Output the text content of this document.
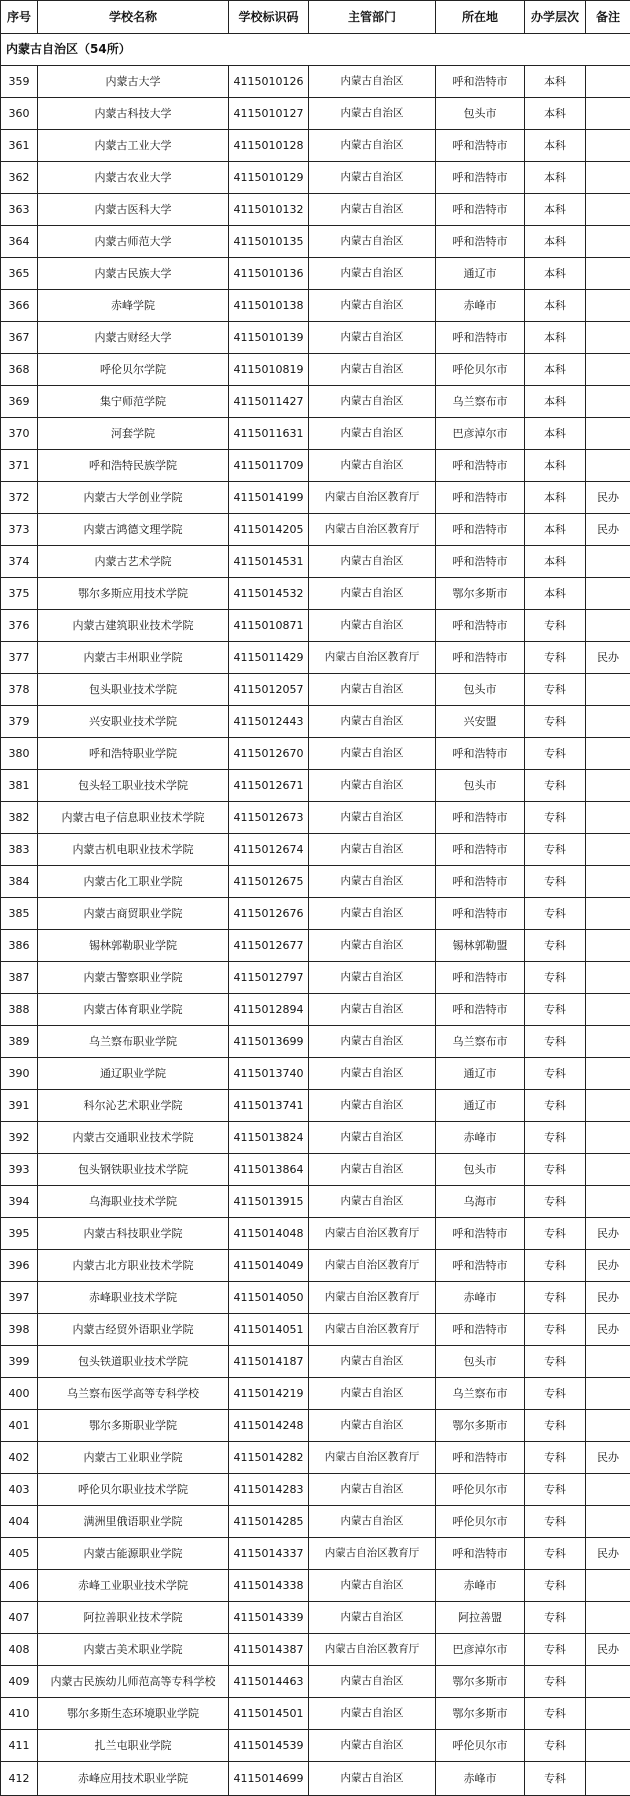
序号	学校名称	学校标识码	主管部门	所在地	办学层次	备注
内蒙古自治区（54所）						
359	内蒙古大学	4115010126	内蒙古自治区	呼和浩特市	本科	
360	内蒙古科技大学	4115010127	内蒙古自治区	包头市	本科	
361	内蒙古工业大学	4115010128	内蒙古自治区	呼和浩特市	本科	
362	内蒙古农业大学	4115010129	内蒙古自治区	呼和浩特市	本科	
363	内蒙古医科大学	4115010132	内蒙古自治区	呼和浩特市	本科	
364	内蒙古师范大学	4115010135	内蒙古自治区	呼和浩特市	本科	
365	内蒙古民族大学	4115010136	内蒙古自治区	通辽市	本科	
366	赤峰学院	4115010138	内蒙古自治区	赤峰市	本科	
367	内蒙古财经大学	4115010139	内蒙古自治区	呼和浩特市	本科	
368	呼伦贝尔学院	4115010819	内蒙古自治区	呼伦贝尔市	本科	
369	集宁师范学院	4115011427	内蒙古自治区	乌兰察布市	本科	
370	河套学院	4115011631	内蒙古自治区	巴彦淖尔市	本科	
371	呼和浩特民族学院	4115011709	内蒙古自治区	呼和浩特市	本科	
372	内蒙古大学创业学院	4115014199	内蒙古自治区教育厅	呼和浩特市	本科	民办
373	内蒙古鸿德文理学院	4115014205	内蒙古自治区教育厅	呼和浩特市	本科	民办
374	内蒙古艺术学院	4115014531	内蒙古自治区	呼和浩特市	本科	
375	鄂尔多斯应用技术学院	4115014532	内蒙古自治区	鄂尔多斯市	本科	
376	内蒙古建筑职业技术学院	4115010871	内蒙古自治区	呼和浩特市	专科	
377	内蒙古丰州职业学院	4115011429	内蒙古自治区教育厅	呼和浩特市	专科	民办
378	包头职业技术学院	4115012057	内蒙古自治区	包头市	专科	
379	兴安职业技术学院	4115012443	内蒙古自治区	兴安盟	专科	
380	呼和浩特职业学院	4115012670	内蒙古自治区	呼和浩特市	专科	
381	包头轻工职业技术学院	4115012671	内蒙古自治区	包头市	专科	
382	内蒙古电子信息职业技术学院	4115012673	内蒙古自治区	呼和浩特市	专科	
383	内蒙古机电职业技术学院	4115012674	内蒙古自治区	呼和浩特市	专科	
384	内蒙古化工职业学院	4115012675	内蒙古自治区	呼和浩特市	专科	
385	内蒙古商贸职业学院	4115012676	内蒙古自治区	呼和浩特市	专科	
386	锡林郭勒职业学院	4115012677	内蒙古自治区	锡林郭勒盟	专科	
387	内蒙古警察职业学院	4115012797	内蒙古自治区	呼和浩特市	专科	
388	内蒙古体育职业学院	4115012894	内蒙古自治区	呼和浩特市	专科	
389	乌兰察布职业学院	4115013699	内蒙古自治区	乌兰察布市	专科	
390	通辽职业学院	4115013740	内蒙古自治区	通辽市	专科	
391	科尔沁艺术职业学院	4115013741	内蒙古自治区	通辽市	专科	
392	内蒙古交通职业技术学院	4115013824	内蒙古自治区	赤峰市	专科	
393	包头钢铁职业技术学院	4115013864	内蒙古自治区	包头市	专科	
394	乌海职业技术学院	4115013915	内蒙古自治区	乌海市	专科	
395	内蒙古科技职业学院	4115014048	内蒙古自治区教育厅	呼和浩特市	专科	民办
396	内蒙古北方职业技术学院	4115014049	内蒙古自治区教育厅	呼和浩特市	专科	民办
397	赤峰职业技术学院	4115014050	内蒙古自治区教育厅	赤峰市	专科	民办
398	内蒙古经贸外语职业学院	4115014051	内蒙古自治区教育厅	呼和浩特市	专科	民办
399	包头铁道职业技术学院	4115014187	内蒙古自治区	包头市	专科	
400	乌兰察布医学高等专科学校	4115014219	内蒙古自治区	乌兰察布市	专科	
401	鄂尔多斯职业学院	4115014248	内蒙古自治区	鄂尔多斯市	专科	
402	内蒙古工业职业学院	4115014282	内蒙古自治区教育厅	呼和浩特市	专科	民办
403	呼伦贝尔职业技术学院	4115014283	内蒙古自治区	呼伦贝尔市	专科	
404	满洲里俄语职业学院	4115014285	内蒙古自治区	呼伦贝尔市	专科	
405	内蒙古能源职业学院	4115014337	内蒙古自治区教育厅	呼和浩特市	专科	民办
406	赤峰工业职业技术学院	4115014338	内蒙古自治区	赤峰市	专科	
407	阿拉善职业技术学院	4115014339	内蒙古自治区	阿拉善盟	专科	
408	内蒙古美术职业学院	4115014387	内蒙古自治区教育厅	巴彦淖尔市	专科	民办
409	内蒙古民族幼儿师范高等专科学校	4115014463	内蒙古自治区	鄂尔多斯市	专科	
410	鄂尔多斯生态环境职业学院	4115014501	内蒙古自治区	鄂尔多斯市	专科	
411	扎兰屯职业学院	4115014539	内蒙古自治区	呼伦贝尔市	专科	
412	赤峰应用技术职业学院	4115014699	内蒙古自治区	赤峰市	专科	
